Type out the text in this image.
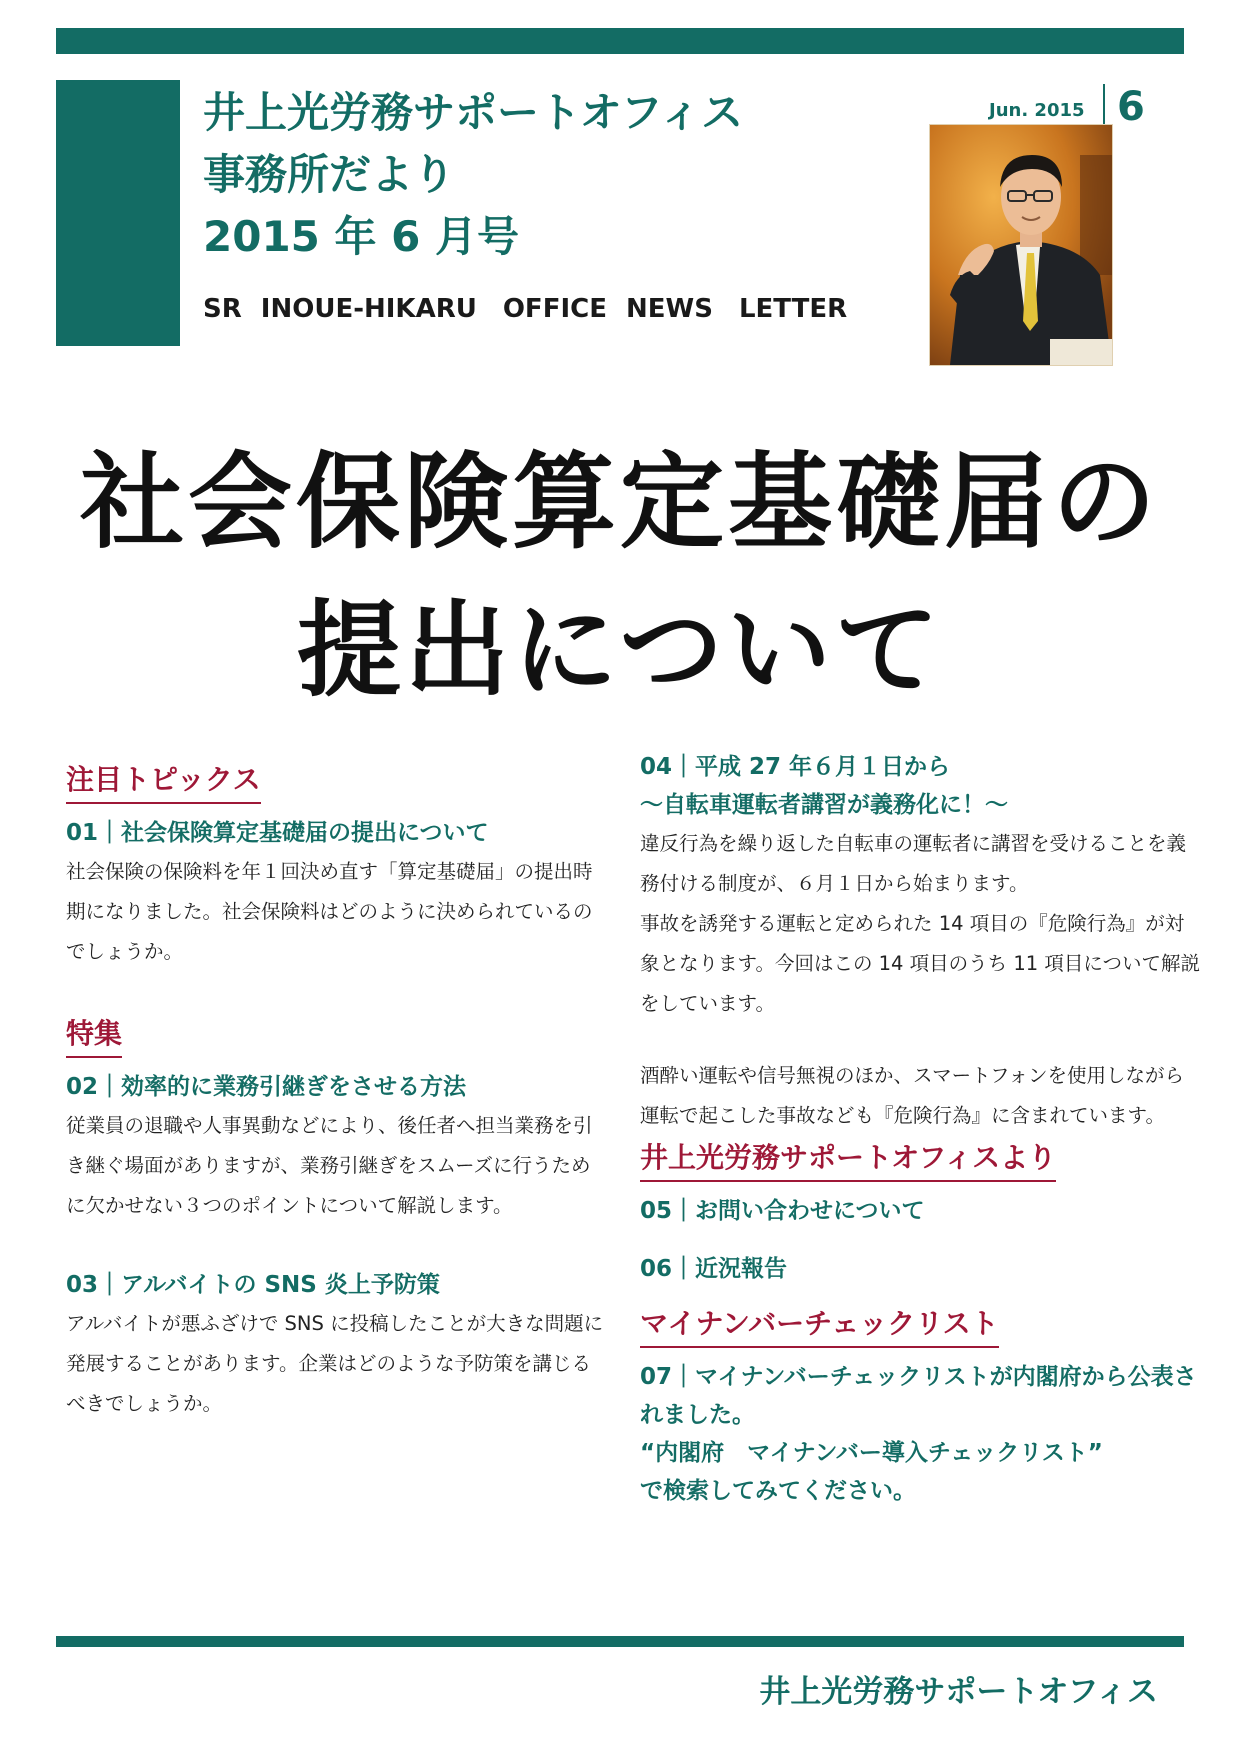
井上光労務サポートオフィス
事務所だより
2015 年 6 月号
SR INOUE-HIKARU　OFFICE NEWS　LETTER
Jun. 2015 6
社会保険算定基礎届の
提出について
注目トピックス
01｜社会保険算定基礎届の提出について

社会保険の保険料を年１回決め直す「算定基礎届」の提出時期になりました。社会保険料はどのように決められているのでしょうか。

特集
02｜効率的に業務引継ぎをさせる方法

従業員の退職や人事異動などにより、後任者へ担当業務を引き継ぐ場面がありますが、業務引継ぎをスムーズに行うために欠かせない３つのポイントについて解説します。

03｜アルバイトの SNS 炎上予防策

アルバイトが悪ふざけで SNS に投稿したことが大きな問題に発展することがあります。企業はどのような予防策を講じるべきでしょうか。

04｜平成 27 年６月１日から
～自転車運転者講習が義務化に！～

違反行為を繰り返した自転車の運転者に講習を受けることを義務付ける制度が、６月１日から始まります。

事故を誘発する運転と定められた 14 項目の『危険行為』が対象となります。今回はこの 14 項目のうち 11 項目について解説をしています。

酒酔い運転や信号無視のほか、スマートフォンを使用しながら運転で起こした事故なども『危険行為』に含まれています。

井上光労務サポートオフィスより
05｜お問い合わせについて
06｜近況報告
マイナンバーチェックリスト
07｜マイナンバーチェックリストが内閣府から公表されました。
“内閣府　マイナンバー導入チェックリスト”
で検索してみてください。
井上光労務サポートオフィス
